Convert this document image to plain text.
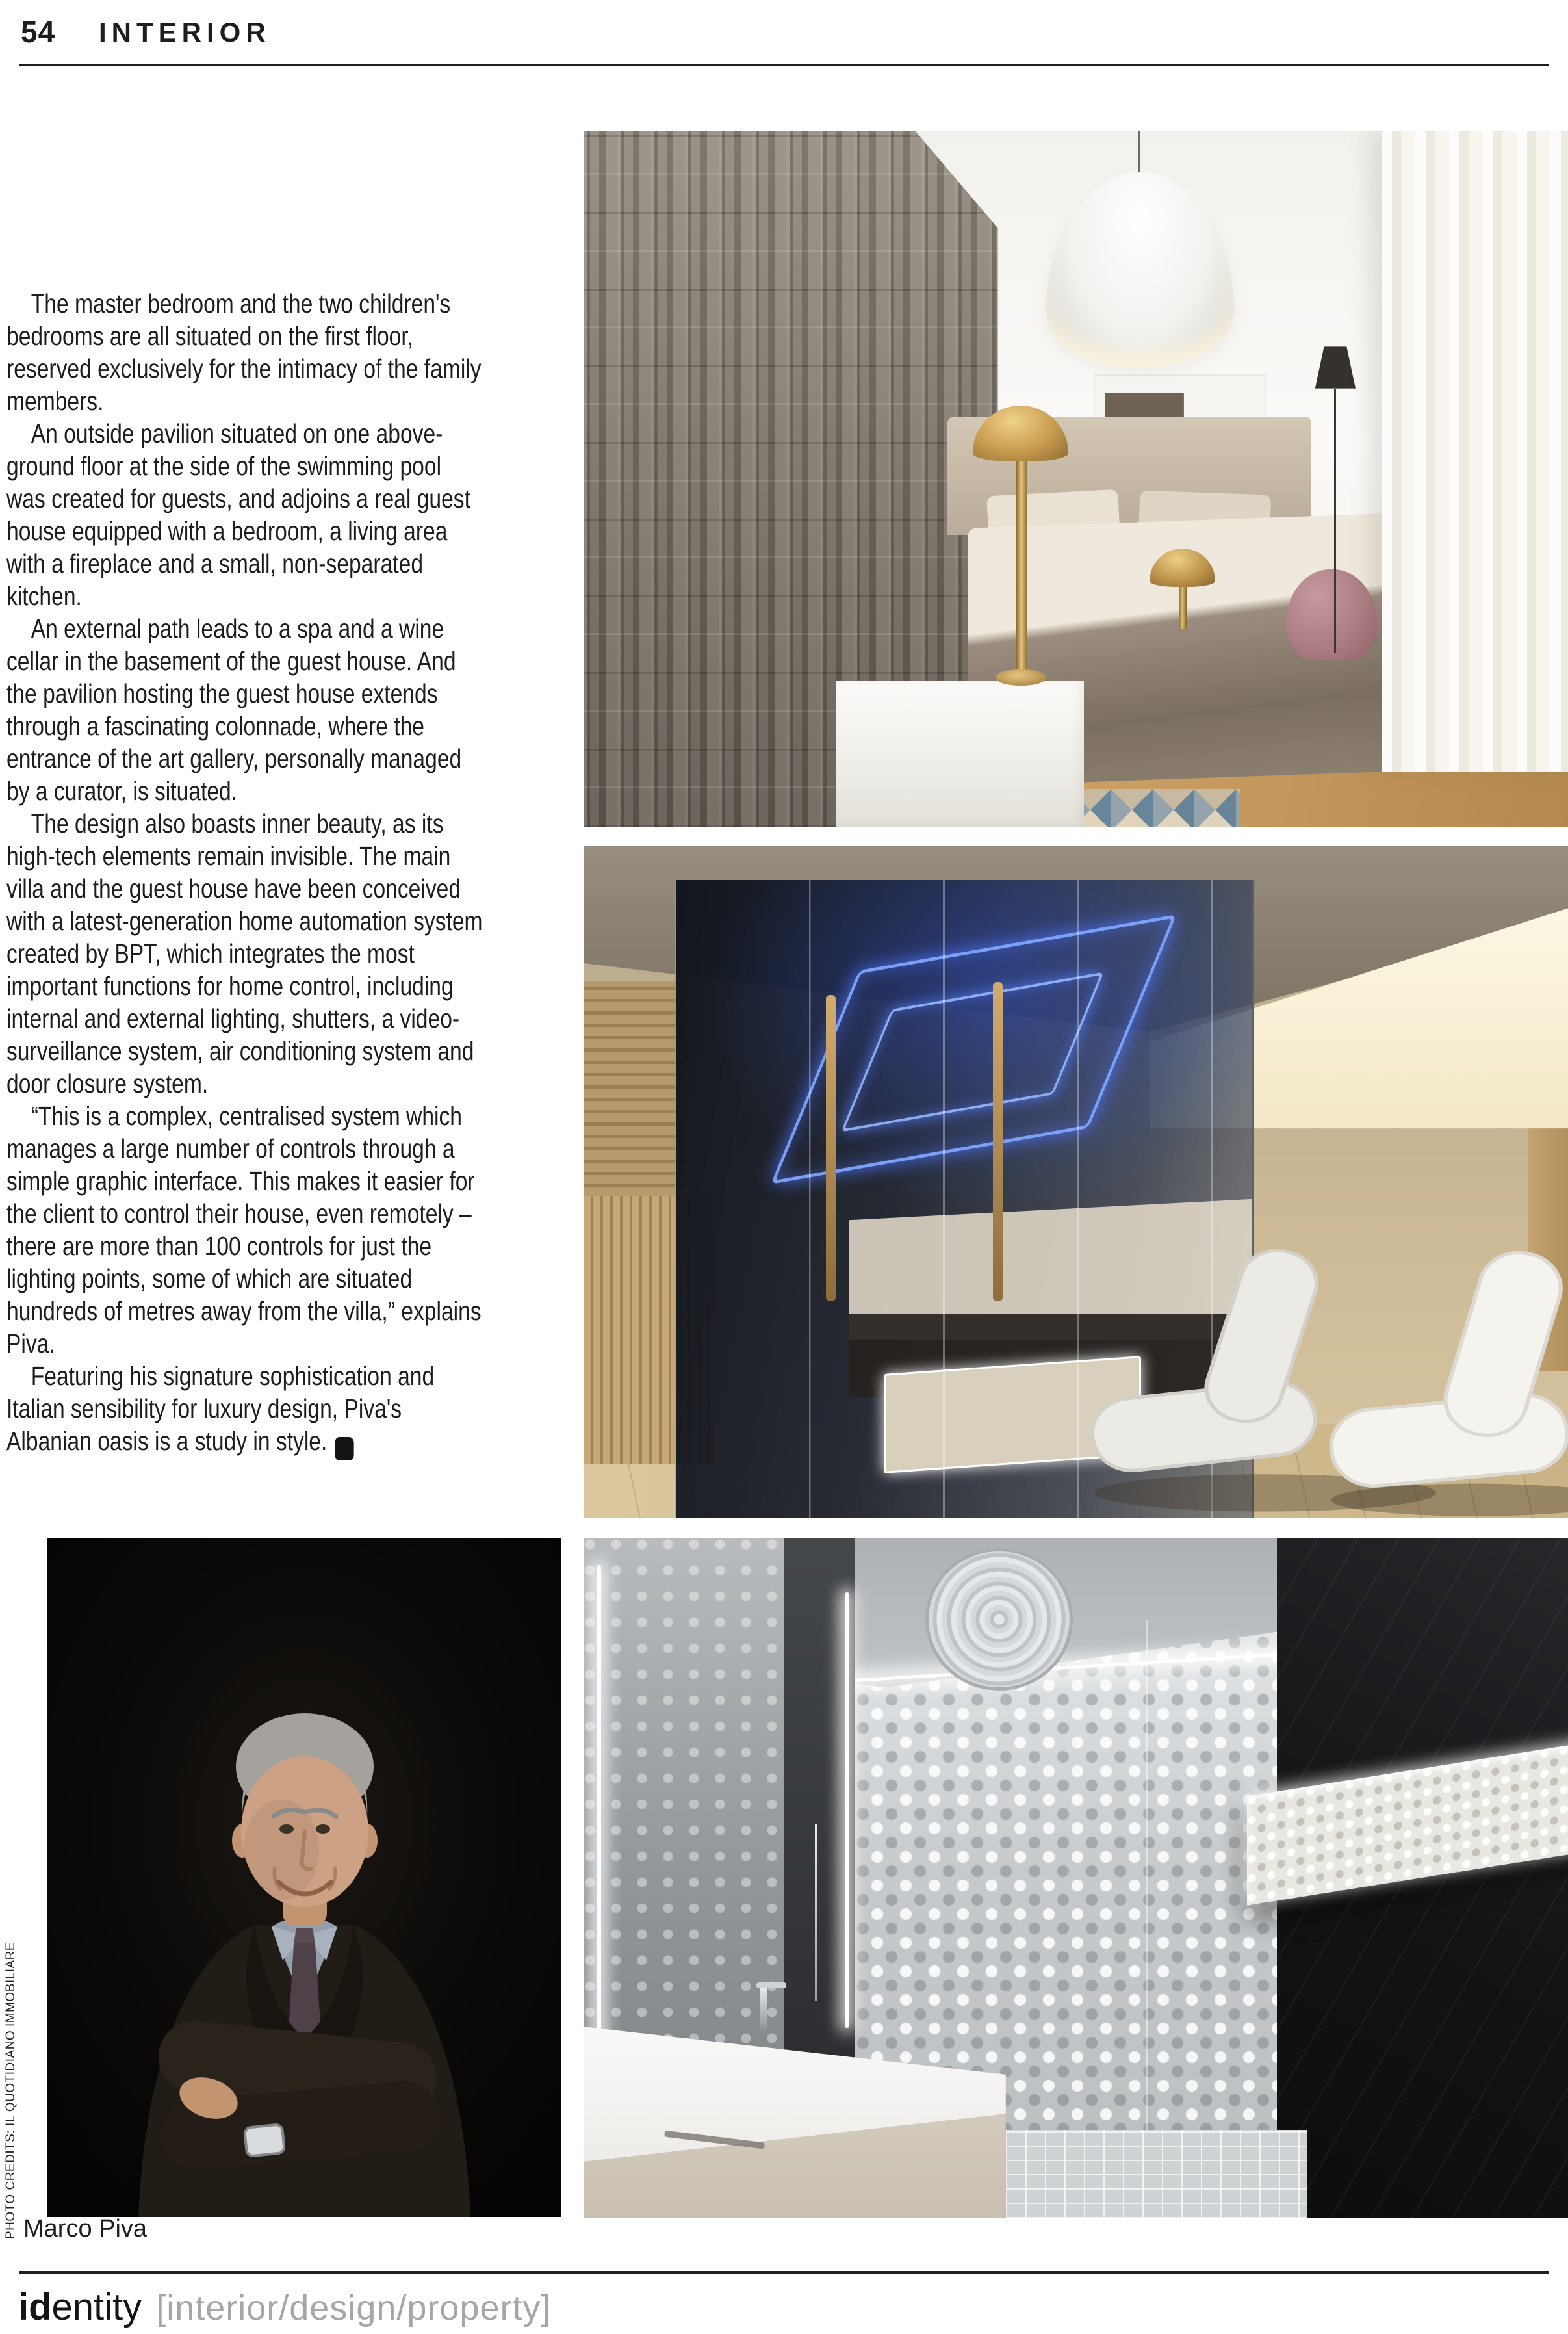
54 INTERIOR

The master bedroom and the two children's bedrooms are all situated on the first floor, reserved exclusively for the intimacy of the family members.

An outside pavilion situated on one above-ground floor at the side of the swimming pool was created for guests, and adjoins a real guest house equipped with a bedroom, a living area with a fireplace and a small, non-separated kitchen.

An external path leads to a spa and a wine cellar in the basement of the guest house. And the pavilion hosting the guest house extends through a fascinating colonnade, where the entrance of the art gallery, personally managed by a curator, is situated.

The design also boasts inner beauty, as its high-tech elements remain invisible. The main villa and the guest house have been conceived with a latest-generation home automation system created by BPT, which integrates the most important functions for home control, including internal and external lighting, shutters, a video-surveillance system, air conditioning system and door closure system.

“This is a complex, centralised system which manages a large number of controls through a simple graphic interface. This makes it easier for the client to control their house, even remotely – there are more than 100 controls for just the lighting points, some of which are situated hundreds of metres away from the villa,” explains Piva.

Featuring his signature sophistication and Italian sensibility for luxury design, Piva's Albanian oasis is a study in style. ID

Marco Piva
PHOTO CREDITS: IL QUOTIDIANO IMMOBILIARE
identity [interior/design/property]
